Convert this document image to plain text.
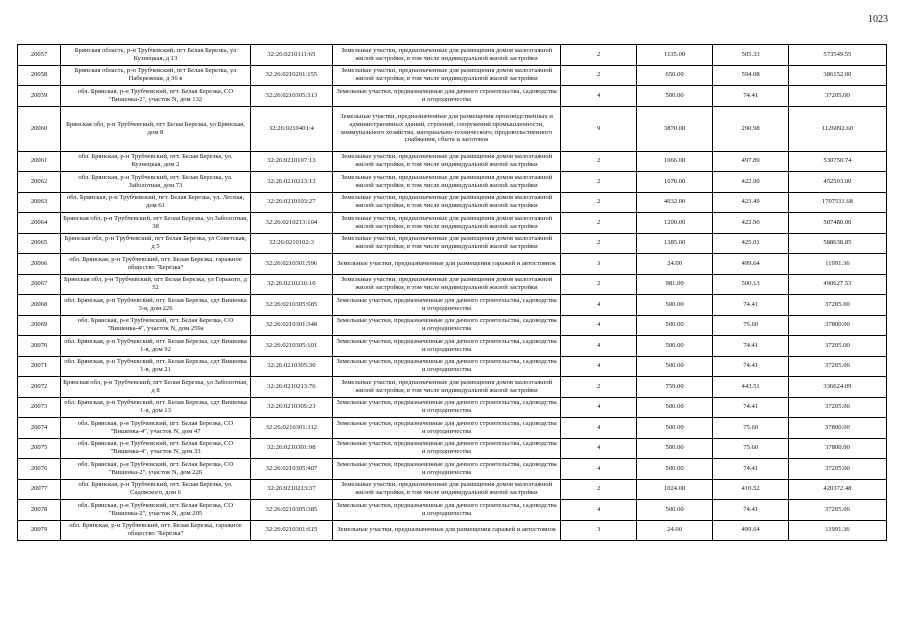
1023
20057	Брянская область, р-н Трубчевский, пгт Белая Березка, ул Кузнецкая, д 13	32:26:0210111:65	Земельные участки, предназначенные для размещения домов малоэтажной жилой застройки, в том числе индивидуальной жилой застройки	2	1135.00	505.33	573549.55
20058	Брянская область, р-н Трубчевский, пгт Белая Березка, ул Набережная, д 36 в	32:26:0210201:155	Земельные участки, предназначенные для размещения домов малоэтажной жилой застройки, в том числе индивидуальной жилой застройки	2	650.00	594.08	386152.00
20059	обл. Брянская, р-н Трубчевский, пгт. Белая Березка, СО "Вишенка-2", участок N, дом 132	32:26:0210305:313	Земельные участки, предназначенные для дачного строительства, садоводства и огородничества	4	500.00	74.41	37205.00
20060	Брянская обл, р-н Трубчевский, пгт Белая Березка, ул Брянская, дом 8	32:26:0210401:4	Земельные участки, предназначенные для размещения производственных и административных зданий, строений, сооружений промышленности, коммунального хозяйства, материально-технического, продовольственного снабжения, сбыта и заготовок	9	3870.00	290.98	1126092.60
20061	обл. Брянская, р-н Трубчевский, пгт. Белая Березка, ул. Кузнецкая, дом 2	32:26:0210107:13	Земельные участки, предназначенные для размещения домов малоэтажной жилой застройки, в том числе индивидуальной жилой застройки	2	1066.00	497.89	530750.74
20062	обл. Брянская, р-н Трубчевский, пгт. Белая Березка, ул. Заболотная, дом 73	32:26:0210213:13	Земельные участки, предназначенные для размещения домов малоэтажной жилой застройки, в том числе индивидуальной жилой застройки	2	1070.00	422.90	452503.00
20063	обл. Брянская, р-н Трубчевский, пгт. Белая Березка, ул. Лесная, дом 61	32:26:0210103:27	Земельные участки, предназначенные для размещения домов малоэтажной жилой застройки, в том числе индивидуальной жилой застройки	2	4032.00	423.49	1707511.68
20064	Брянская обл, р-н Трубчевский, пгт Белая Березка, ул Заболотная, 38	32:26:0210213:104	Земельные участки, предназначенные для размещения домов малоэтажной жилой застройки, в том числе индивидуальной жилой застройки	2	1200.00	422.90	507480.00
20065	Брянская обл, р-н Трубчевский, пгт Белая Березка, ул Советская, д 5	32:26:0210102:3	Земельные участки, предназначенные для размещения домов малоэтажной жилой застройки, в том числе индивидуальной жилой застройки	2	1385.00	425.01	588638.85
20066	обл. Брянская, р-н Трубчевский, пгт. Белая Березка, гаражное общество "Берёзка"	32:26:0210301:596	Земельные участки, предназначенные для размещения гаражей и автостоянок	3	24.00	499.64	11991.36
20067	Брянская обл, р-н Трубчевский, пгт Белая Березка, ул Горького, д 52	32:26:0210216:10	Земельные участки, предназначенные для размещения домов малоэтажной жилой застройки, в том числе индивидуальной жилой застройки	2	981.00	500.13	490627.53
20068	обл. Брянская, р-н Трубчевский, пгт. Белая Березка, сдт Вишенка 3-я, дом 226	32:26:0210305:685	Земельные участки, предназначенные для дачного строительства, садоводства и огородничества	4	500.00	74.41	37205.00
20069	обл. Брянская, р-н Трубчевский, пгт. Белая Березка, СО "Вишенка-4", участок N, дом 259а	32:26:0210301:348	Земельные участки, предназначенные для дачного строительства, садоводства и огородничества	4	500.00	75.60	37800.00
20070	обл. Брянская, р-н Трубчевский, пгт. Белая Березка, сдт Вишенка 1-я, дом 92	32:26:0210305:101	Земельные участки, предназначенные для дачного строительства, садоводства и огородничества	4	500.00	74.41	37205.00
20071	обл. Брянская, р-н Трубчевский, пгт. Белая Березка, сдт Вишенка 1-я, дом 21	32:26:0210305:30	Земельные участки, предназначенные для дачного строительства, садоводства и огородничества	4	500.00	74.41	37205.00
20072	Брянская обл, р-н Трубчевский, пгт Белая Березка, ул Заболотная, д 8	32:26:0210213:76	Земельные участки, предназначенные для размещения домов малоэтажной жилой застройки, в том числе индивидуальной жилой застройки	2	759.00	443.51	336624.09
20073	обл. Брянская, р-н Трубчевский, пгт. Белая Березка, сдт Вишенка 1-я, дом 13	32:26:0210305:23	Земельные участки, предназначенные для дачного строительства, садоводства и огородничества	4	500.00	74.41	37205.00
20074	обл. Брянская, р-н Трубчевский, пгт. Белая Березка, СО "Вишенка-4", участок N, дом 47	32:26:0210301:112	Земельные участки, предназначенные для дачного строительства, садоводства и огородничества	4	500.00	75.60	37800.00
20075	обл. Брянская, р-н Трубчевский, пгт. Белая Березка, СО "Вишенка-4", участок N, дом 33	32:26:0210301:98	Земельные участки, предназначенные для дачного строительства, садоводства и огородничества	4	500.00	75.60	37800.00
20076	обл. Брянская, р-н Трубчевский, пгт. Белая Березка, СО "Вишенка-2", участок N, дом 226	32:26:0210305:407	Земельные участки, предназначенные для дачного строительства, садоводства и огородничества	4	500.00	74.41	37205.00
20077	обл. Брянская, р-н Трубчевский, пгт. Белая Березка, ул. Садовского, дом 6	32:26:0210213:37	Земельные участки, предназначенные для размещения домов малоэтажной жилой застройки, в том числе индивидуальной жилой застройки	2	1024.00	410.52	420372.48
20078	обл. Брянская, р-н Трубчевский, пгт. Белая Березка, СО "Вишенка-2", участок N, дом 205	32:26:0210305:385	Земельные участки, предназначенные для дачного строительства, садоводства и огородничества	4	500.00	74.41	37205.00
20079	обл. Брянская, р-н Трубчевский, пгт. Белая Березка, гаражное общество "Берёзка"	32:26:0210301:615	Земельные участки, предназначенные для размещения гаражей и автостоянок	3	24.00	499.64	11991.36
